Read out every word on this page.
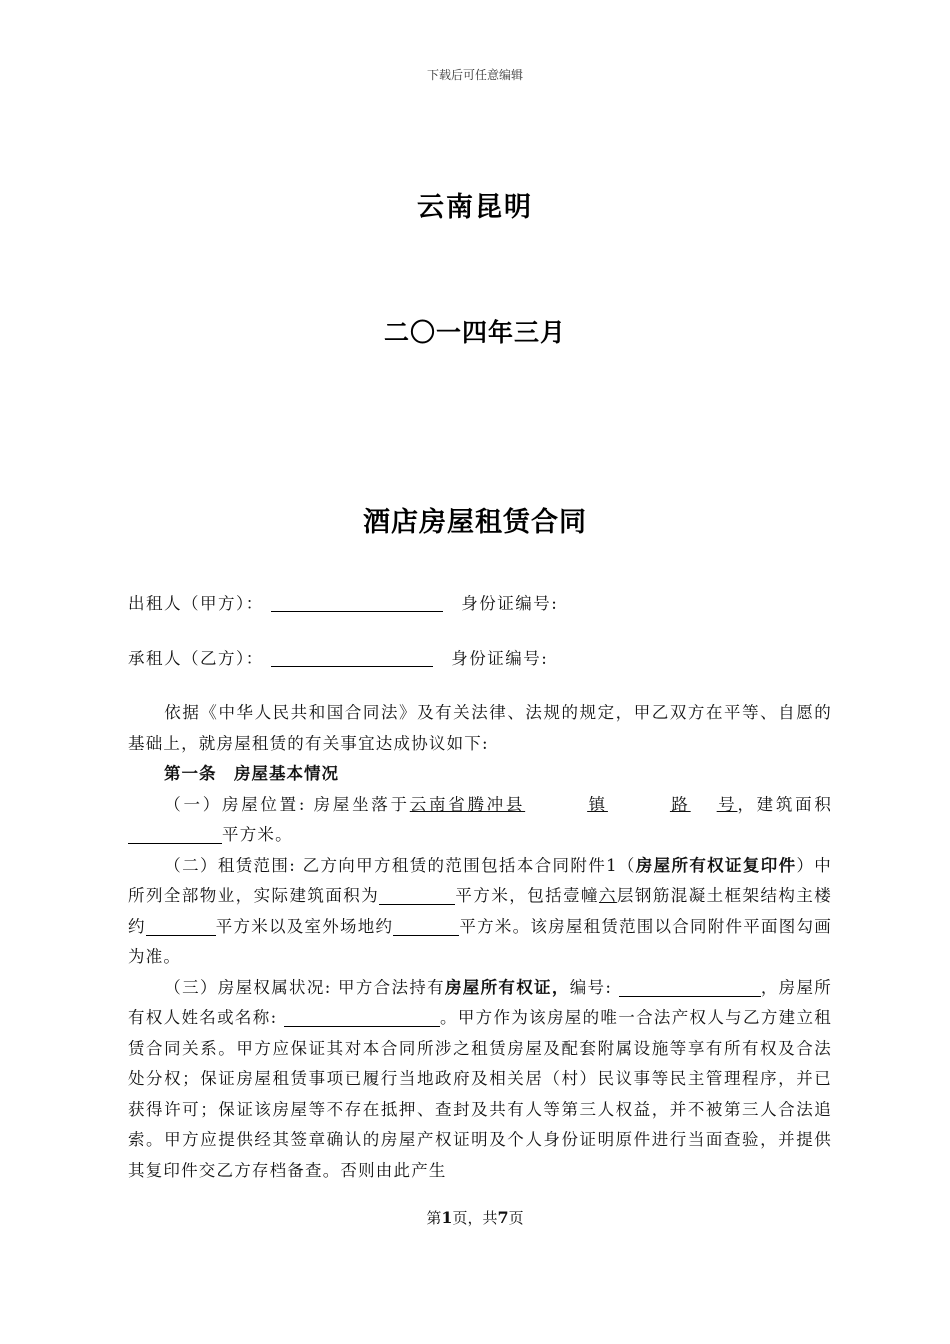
下载后可任意编辑
云南昆明
二〇一四年三月
酒店房屋租赁合同
出租人（甲方）：	身份证编号:
承租人（乙方）：	身份证编号:

依据《中华人民共和国合同法》及有关法律、法规的规定，甲乙双方在平等、自愿的基础上，就房屋租赁的有关事宜达成协议如下:

第一条　房屋基本情况

（一）房屋位置: 房屋坐落于云南省腾冲县	镇	路 号，建筑面积平方米。

（二）租赁范围: 乙方向甲方租赁的范围包括本合同附件1（房屋所有权证复印件）中所列全部物业，实际建筑面积为	平方米，包括壹幢六层钢筋混凝土框架结构主楼约	平方米以及室外场地约	平方米。该房屋租赁范围以合同附件平面图勾画为准。

（三）房屋权属状况: 甲方合法持有房屋所有权证，编号:	，房屋所有权人姓名或名称:	。甲方作为该房屋的唯一合法产权人与乙方建立租赁合同关系。甲方应保证其对本合同所涉之租赁房屋及配套附属设施等享有所有权及合法处分权；保证房屋租赁事项已履行当地政府及相关居（村）民议事等民主管理程序，并已获得许可；保证该房屋等不存在抵押、查封及共有人等第三人权益，并不被第三人合法追索。甲方应提供经其签章确认的房屋产权证明及个人身份证明原件进行当面查验，并提供其复印件交乙方存档备查。否则由此产生

第1页，共7页
